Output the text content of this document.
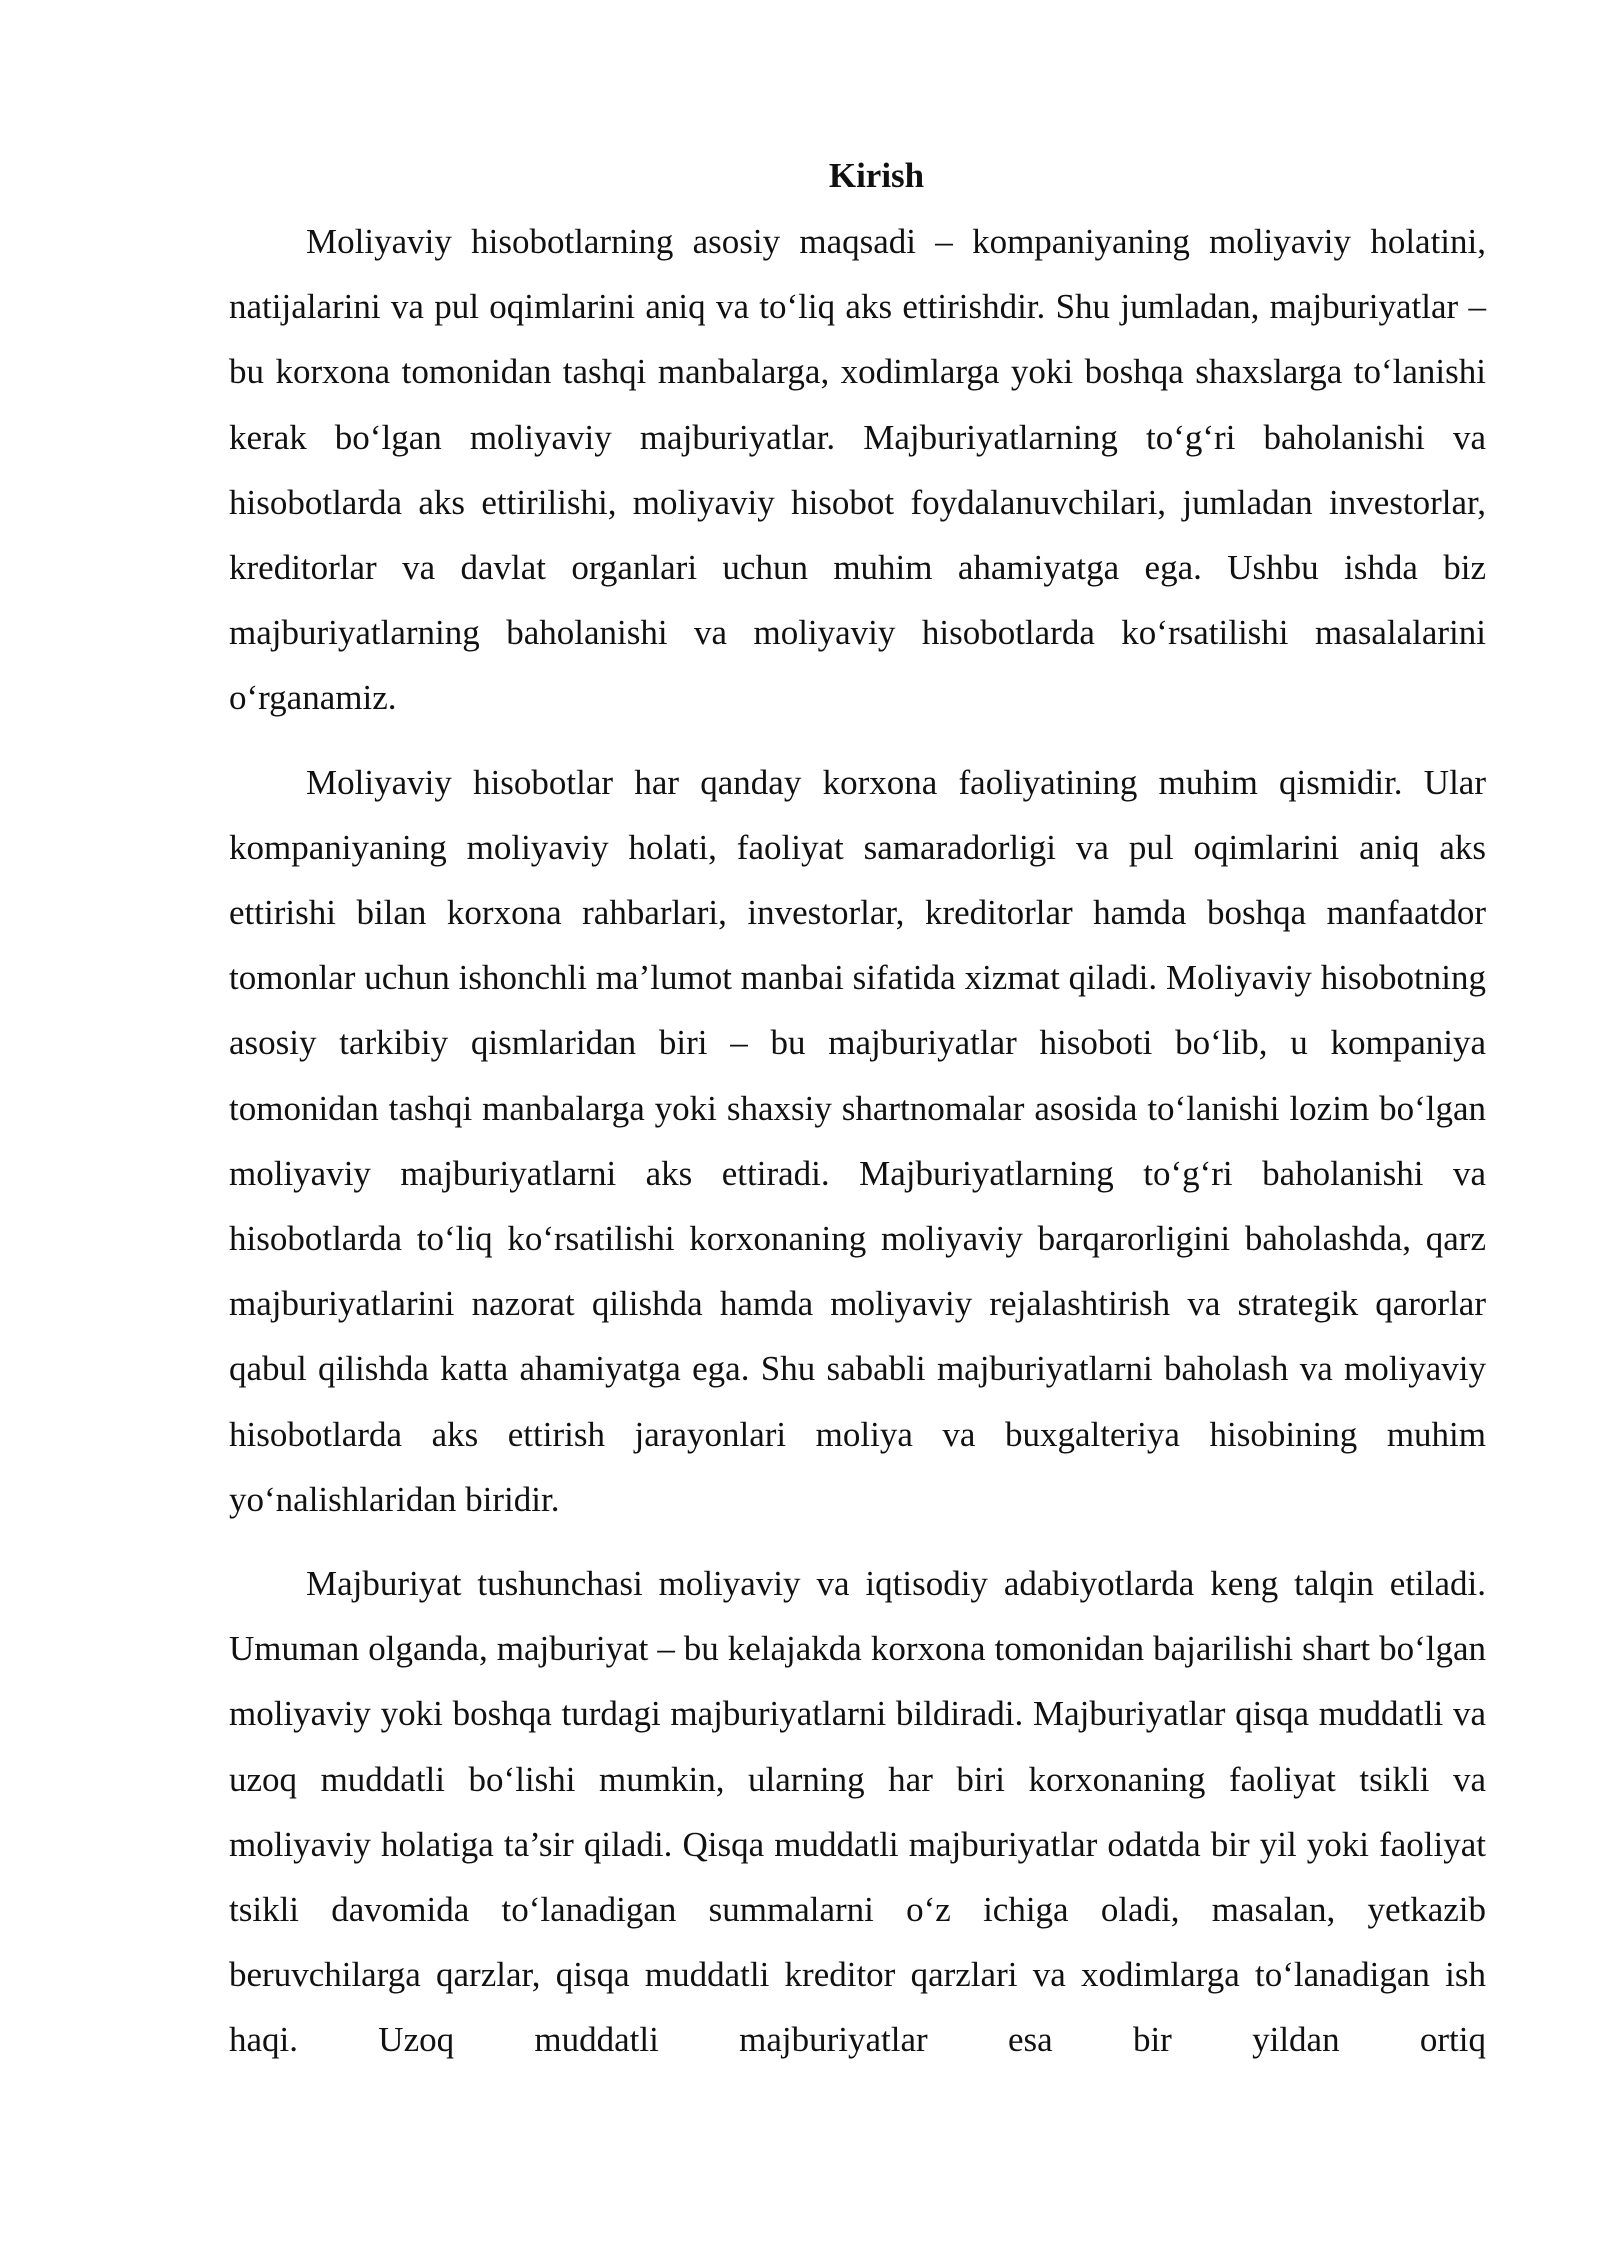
Kirish

Moliyaviy hisobotlarning asosiy maqsadi – kompaniyaning moliyaviy holatini, natijalarini va pul oqimlarini aniq va to‘liq aks ettirishdir. Shu jumladan, majburiyatlar – bu korxona tomonidan tashqi manbalarga, xodimlarga yoki boshqa shaxslarga to‘lanishi kerak bo‘lgan moliyaviy majburiyatlar. Majburiyatlarning to‘g‘ri baholanishi va hisobotlarda aks ettirilishi, moliyaviy hisobot foydalanuvchilari, jumladan investorlar, kreditorlar va davlat organlari uchun muhim ahamiyatga ega. Ushbu ishda biz majburiyatlarning baholanishi va moliyaviy hisobotlarda ko‘rsatilishi masalalarini o‘rganamiz.

Moliyaviy hisobotlar har qanday korxona faoliyatining muhim qismidir. Ular kompaniyaning moliyaviy holati, faoliyat samaradorligi va pul oqimlarini aniq aks ettirishi bilan korxona rahbarlari, investorlar, kreditorlar hamda boshqa manfaatdor tomonlar uchun ishonchli ma’lumot manbai sifatida xizmat qiladi. Moliyaviy hisobotning asosiy tarkibiy qismlaridan biri – bu majburiyatlar hisoboti bo‘lib, u kompaniya tomonidan tashqi manbalarga yoki shaxsiy shartnomalar asosida to‘lanishi lozim bo‘lgan moliyaviy majburiyatlarni aks ettiradi. Majburiyatlarning to‘g‘ri baholanishi va hisobotlarda to‘liq ko‘rsatilishi korxonaning moliyaviy barqarorligini baholashda, qarz majburiyatlarini nazorat qilishda hamda moliyaviy rejalashtirish va strategik qarorlar qabul qilishda katta ahamiyatga ega. Shu sababli majburiyatlarni baholash va moliyaviy hisobotlarda aks ettirish jarayonlari moliya va buxgalteriya hisobining muhim yo‘nalishlaridan biridir.

Majburiyat tushunchasi moliyaviy va iqtisodiy adabiyotlarda keng talqin etiladi. Umuman olganda, majburiyat – bu kelajakda korxona tomonidan bajarilishi shart bo‘lgan moliyaviy yoki boshqa turdagi majburiyatlarni bildiradi. Majburiyatlar qisqa muddatli va uzoq muddatli bo‘lishi mumkin, ularning har biri korxonaning faoliyat tsikli va moliyaviy holatiga ta’sir qiladi. Qisqa muddatli majburiyatlar odatda bir yil yoki faoliyat tsikli davomida to‘lanadigan summalarni o‘z ichiga oladi, masalan, yetkazib beruvchilarga qarzlar, qisqa muddatli kreditor qarzlari va xodimlarga to‘lanadigan ish haqi. Uzoq muddatli majburiyatlar esa bir yildan ortiq
